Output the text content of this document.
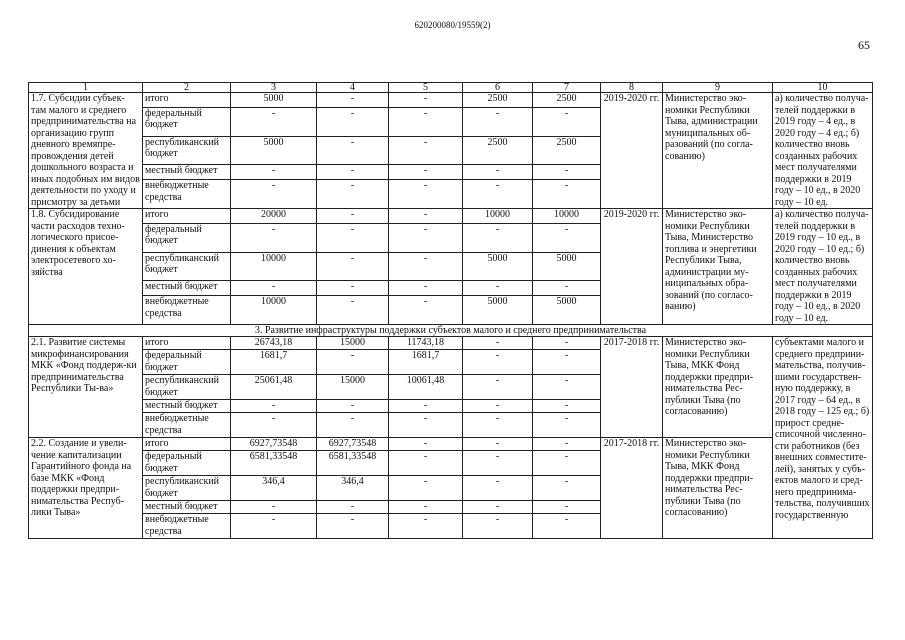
620200080/19559(2)
65
1	2	3	4	5	6	7	8	9	10
1.7. Субсидии субъек-там малого и среднего предпринимательства на организацию групп дневного времяпре-провождения детей дошкольного возраста и иных подобных им видов деятельности по уходу и присмотру за детьми	итого	5000	-	-	2500	2500	2019-2020 гг.	Министерство эко-номики Республики Тыва, администрации муниципальных об-разований (по согла-сованию)	а) количество получа-телей поддержки в 2019 году – 4 ед., в 2020 году – 4 ед.; б) количество вновь созданных рабочих мест получателями поддержки в 2019 году – 10 ед., в 2020 году – 10 ед.
	федеральный бюджет	-	-	-	-	-			
	республиканский бюджет	5000	-	-	2500	2500			
	местный бюджет	-	-	-	-	-			
	внебюджетные средства	-	-	-	-	-			
1.8. Субсидирование части расходов техно-логического присое-динения к объектам электросетевого хо-зяйства	итого	20000	-	-	10000	10000	2019-2020 гг.	Министерство эко-номики Республики Тыва, Министерство топлива и энергетики Республики Тыва, администрации му-ниципальных обра-зований (по согласо-ванию)	а) количество получа-телей поддержки в 2019 году – 10 ед., в 2020 году – 10 ед.; б) количество вновь созданных рабочих мест получателями поддержки в 2019 году – 10 ед., в 2020 году – 10 ед.
	федеральный бюджет	-	-	-	-	-			
	республиканский бюджет	10000	-	-	5000	5000			
	местный бюджет	-	-	-	-	-			
	внебюджетные средства	10000	-	-	5000	5000			
3. Развитие инфраструктуры поддержки субъектов малого и среднего предпринимательства									
2.1. Развитие системы микрофинансирования МКК «Фонд поддерж-ки предпринимательства Республики Ты-ва»	итого	26743,18	15000	11743,18	-	-	2017-2018 гг.	Министерство эко-номики Республики Тыва, МКК Фонд поддержки предпри-нимательства Рес-публики Тыва (по согласованию)	субъектами малого и среднего предприни-мательства, получив-шими государствен-ную поддержку, в 2017 году – 64 ед., в 2018 году – 125 ед.; б) прирост средне-списочной численно-сти работников (без внешних совместите-лей), занятых у субъ-ектов малого и сред-него предпринима-тельства, получивших государственную
	федеральный бюджет	1681,7	-	1681,7	-	-			
	республиканский бюджет	25061,48	15000	10061,48	-	-			
	местный бюджет	-	-	-	-	-			
	внебюджетные средства	-	-	-	-	-			
2.2. Создание и увели-чение капитализации Гарантийного фонда на базе МКК «Фонд поддержки предпри-нимательства Респуб-лики Тыва»	итого	6927,73548	6927,73548	-	-	-	2017-2018 гг.	Министерство эко-номики Республики Тыва, МКК Фонд поддержки предпри-нимательства Рес-публики Тыва (по согласованию)	
	федеральный бюджет	6581,33548	6581,33548	-	-	-			
	республиканский бюджет	346,4	346,4	-	-	-			
	местный бюджет	-	-	-	-	-			
	внебюджетные средства	-	-	-	-	-			
